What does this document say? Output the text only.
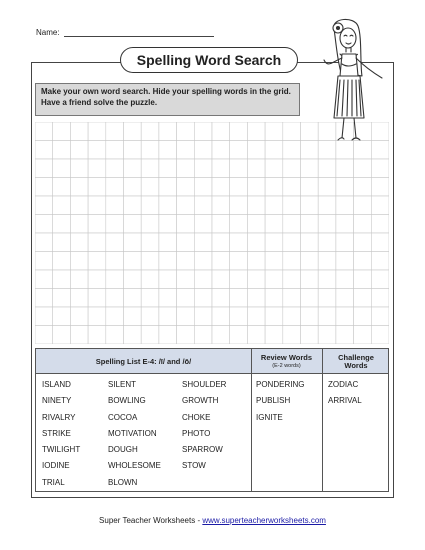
Name:
Spelling Word Search
Make your own word search. Hide your spelling words in the grid. Have a friend solve the puzzle.
Spelling List E-4: /ī/ and /ō/	Review Words
(E-2 words)
Challenge
Words
ISLAND
NINETY
RIVALRY
STRIKE
TWILIGHT
IODINE
TRIAL
SILENT
BOWLING
COCOA
MOTIVATION
DOUGH
WHOLESOME
BLOWN
SHOULDER
GROWTH
CHOKE
PHOTO
SPARROW
STOW
PONDERING
PUBLISH
IGNITE
ZODIAC
ARRIVAL
Super Teacher Worksheets - www.superteacherworksheets.com
